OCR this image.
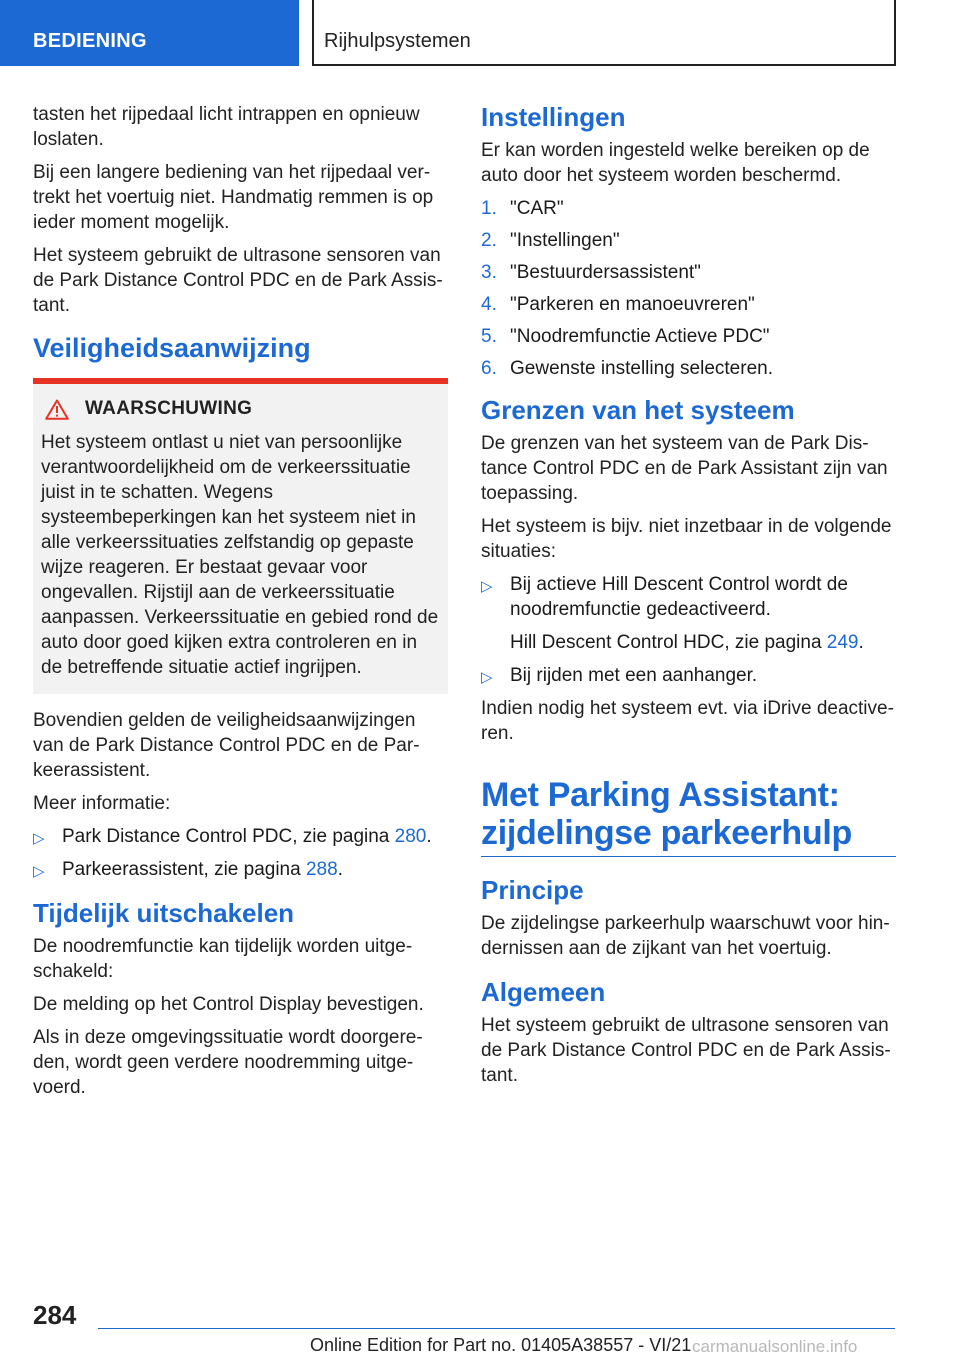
BEDIENING	Rijhulpsystemen

tasten het rijpedaal licht intrappen en opnieuw loslaten.

Bij een langere bediening van het rijpedaal vertrekt het voertuig niet. Handmatig remmen is op ieder moment mogelijk.

Het systeem gebruikt de ultrasone sensoren van de Park Distance Control PDC en de Park Assistant.

Veiligheidsaanwijzing
WAARSCHUWING

Het systeem ontlast u niet van persoonlijke verantwoordelijkheid om de verkeerssituatie juist in te schatten. Wegens systeembeperkingen kan het systeem niet in alle verkeerssituaties zelfstandig op gepaste wijze reageren. Er bestaat gevaar voor ongevallen. Rijstijl aan de verkeerssituatie aanpassen. Verkeerssituatie en gebied rond de auto door goed kijken extra controleren en in de betreffende situatie actief ingrijpen.

Bovendien gelden de veiligheidsaanwijzingen van de Park Distance Control PDC en de Parkeerassistent.

Meer informatie:

▷ Park Distance Control PDC, zie pagina 280.
▷ Parkeerassistent, zie pagina 288.
Tijdelijk uitschakelen

De noodremfunctie kan tijdelijk worden uitgeschakeld:

De melding op het Control Display bevestigen.

Als in deze omgevingssituatie wordt doorgereden, wordt geen verdere noodremming uitgevoerd.

Instellingen

Er kan worden ingesteld welke bereiken op de auto door het systeem worden beschermd.

1. "CAR"
2. "Instellingen"
3. "Bestuurdersassistent"
4. "Parkeren en manoeuvreren"
5. "Noodremfunctie Actieve PDC"
6. Gewenste instelling selecteren.
Grenzen van het systeem

De grenzen van het systeem van de Park Distance Control PDC en de Park Assistant zijn van toepassing.

Het systeem is bijv. niet inzetbaar in de volgende situaties:

▷ Bij actieve Hill Descent Control wordt de noodremfunctie gedeactiveerd.
Hill Descent Control HDC, zie pagina 249.
▷ Bij rijden met een aanhanger.

Indien nodig het systeem evt. via iDrive deactiveren.

Met Parking Assistant:
zijdelingse parkeerhulp
Principe

De zijdelingse parkeerhulp waarschuwt voor hindernissen aan de zijkant van het voertuig.

Algemeen

Het systeem gebruikt de ultrasone sensoren van de Park Distance Control PDC en de Park Assistant.

284
Online Edition for Part no. 01405A38557 - VI/21 carmanualsonline.info
